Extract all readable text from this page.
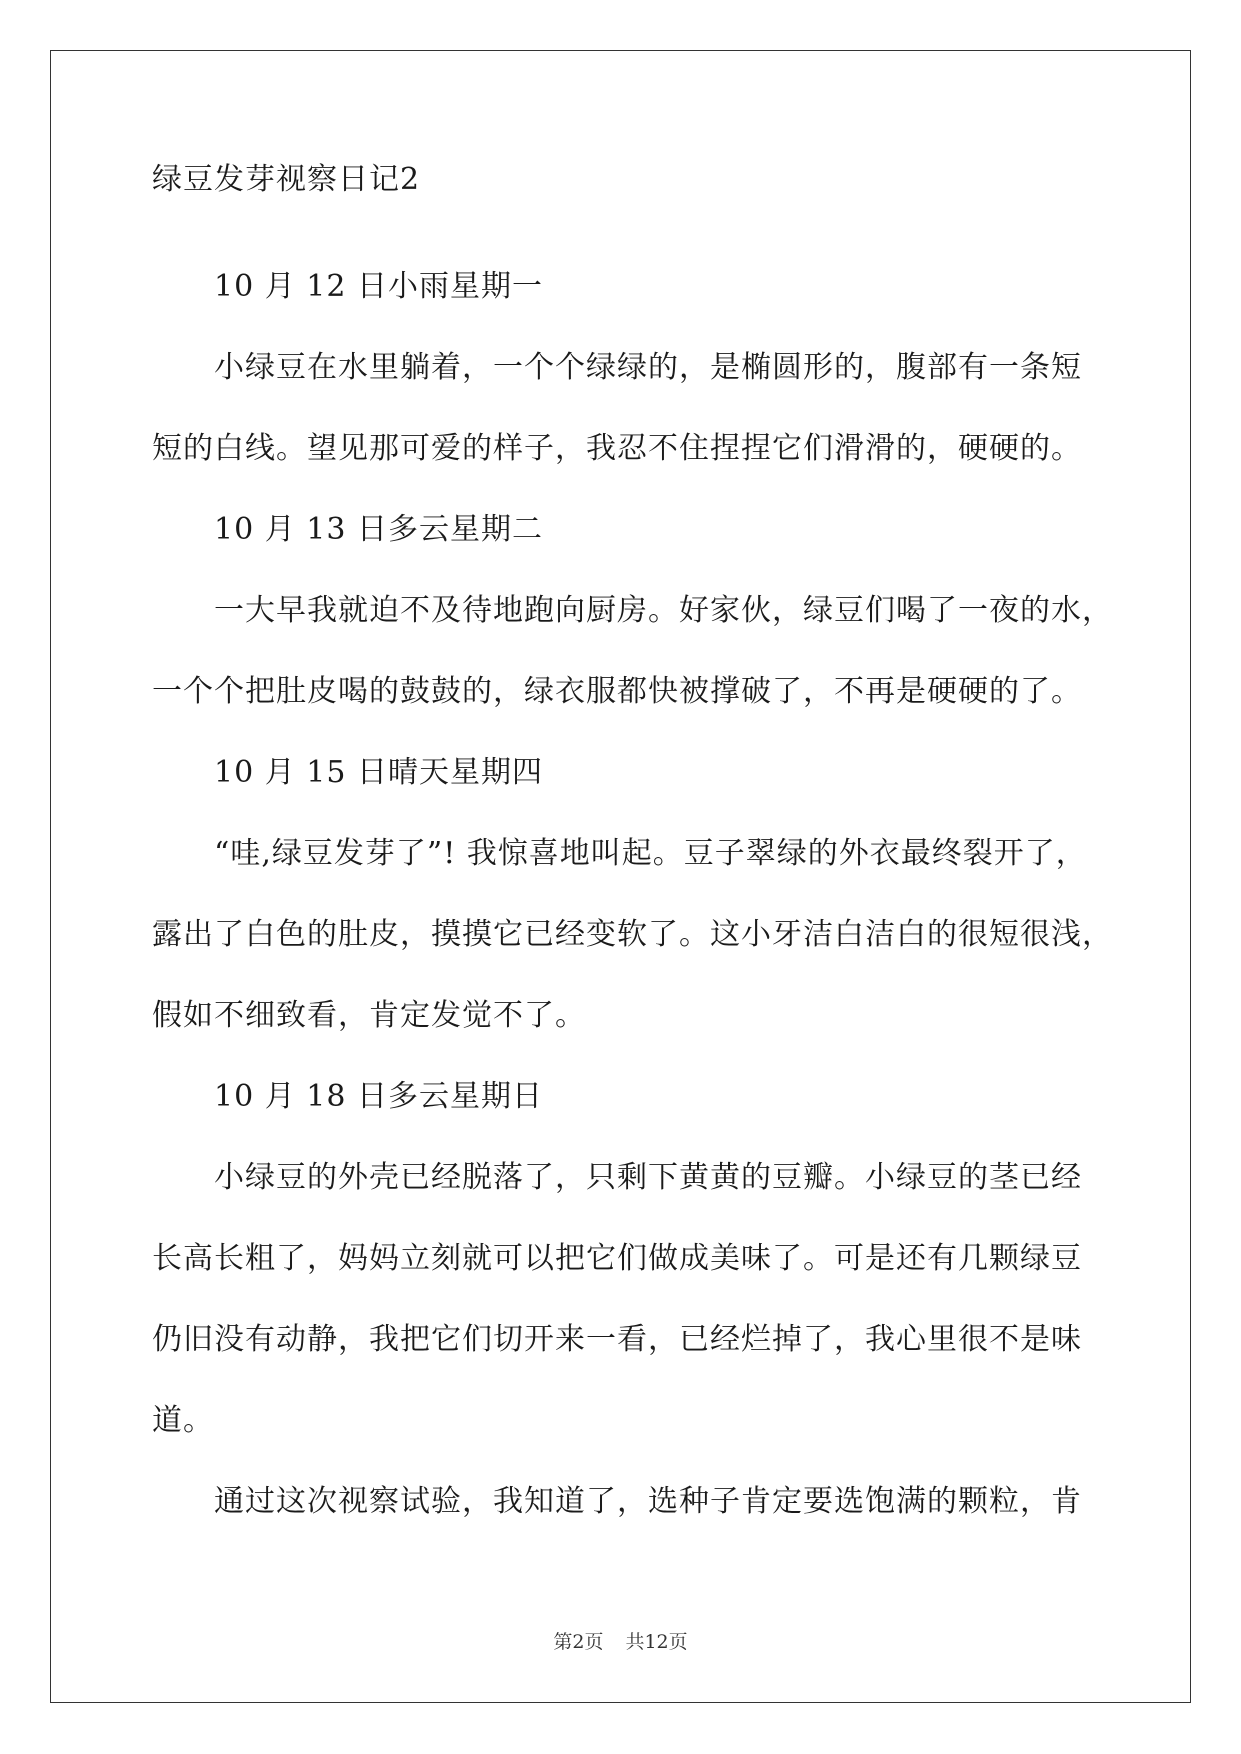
绿豆发芽视察日记2
10 月 12 日小雨星期一
小绿豆在水里躺着，一个个绿绿的，是椭圆形的，腹部有一条短
短的白线。望见那可爱的样子，我忍不住捏捏它们滑滑的，硬硬的。
10 月 13 日多云星期二
一大早我就迫不及待地跑向厨房。好家伙，绿豆们喝了一夜的水，
一个个把肚皮喝的鼓鼓的，绿衣服都快被撑破了，不再是硬硬的了。
10 月 15 日晴天星期四
“哇,绿豆发芽了”! 我惊喜地叫起。豆子翠绿的外衣最终裂开了，
露出了白色的肚皮，摸摸它已经变软了。这小牙洁白洁白的很短很浅，
假如不细致看，肯定发觉不了。
10 月 18 日多云星期日
小绿豆的外壳已经脱落了，只剩下黄黄的豆瓣。小绿豆的茎已经
长高长粗了，妈妈立刻就可以把它们做成美味了。可是还有几颗绿豆
仍旧没有动静，我把它们切开来一看，已经烂掉了，我心里很不是味
道。
通过这次视察试验，我知道了，选种子肯定要选饱满的颗粒，肯
第2页 共12页
